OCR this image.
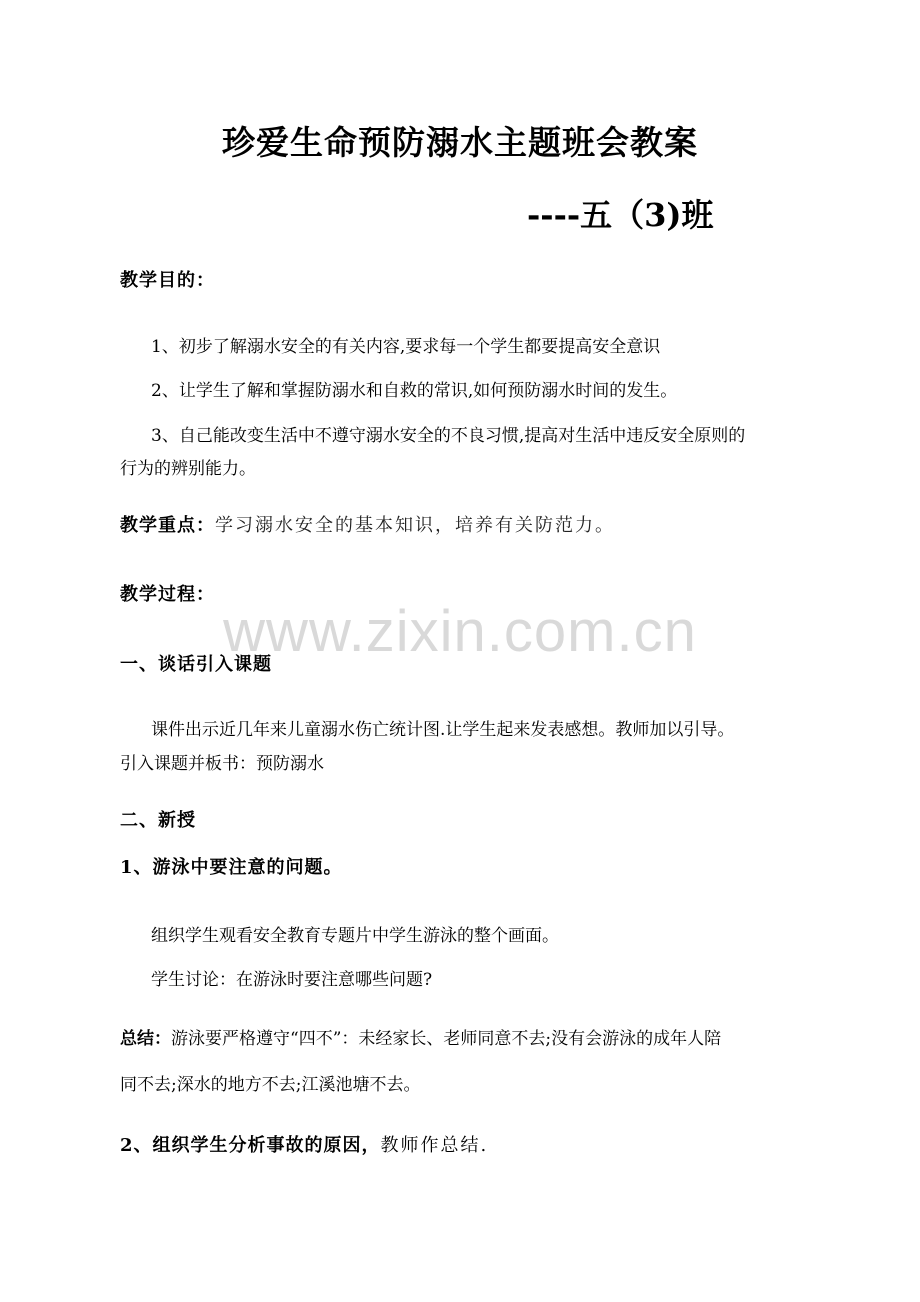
珍爱生命预防溺水主题班会教案
----五（3)班
教学目的：
1、初步了解溺水安全的有关内容,要求每一个学生都要提高安全意识
2、让学生了解和掌握防溺水和自救的常识,如何预防溺水时间的发生。
3、自己能改变生活中不遵守溺水安全的不良习惯,提高对生活中违反安全原则的
行为的辨别能力。
教学重点：学习溺水安全的基本知识，培养有关防范力。
教学过程：
www.zixin.com.cn
一、谈话引入课题
课件出示近几年来儿童溺水伤亡统计图.让学生起来发表感想。教师加以引导。
引入课题并板书：预防溺水
二、新授
1、游泳中要注意的问题。
组织学生观看安全教育专题片中学生游泳的整个画面。
学生讨论：在游泳时要注意哪些问题?
总结：游泳要严格遵守“四不”：未经家长、老师同意不去;没有会游泳的成年人陪
同不去;深水的地方不去;江溪池塘不去。
2、组织学生分析事故的原因，教师作总结.
